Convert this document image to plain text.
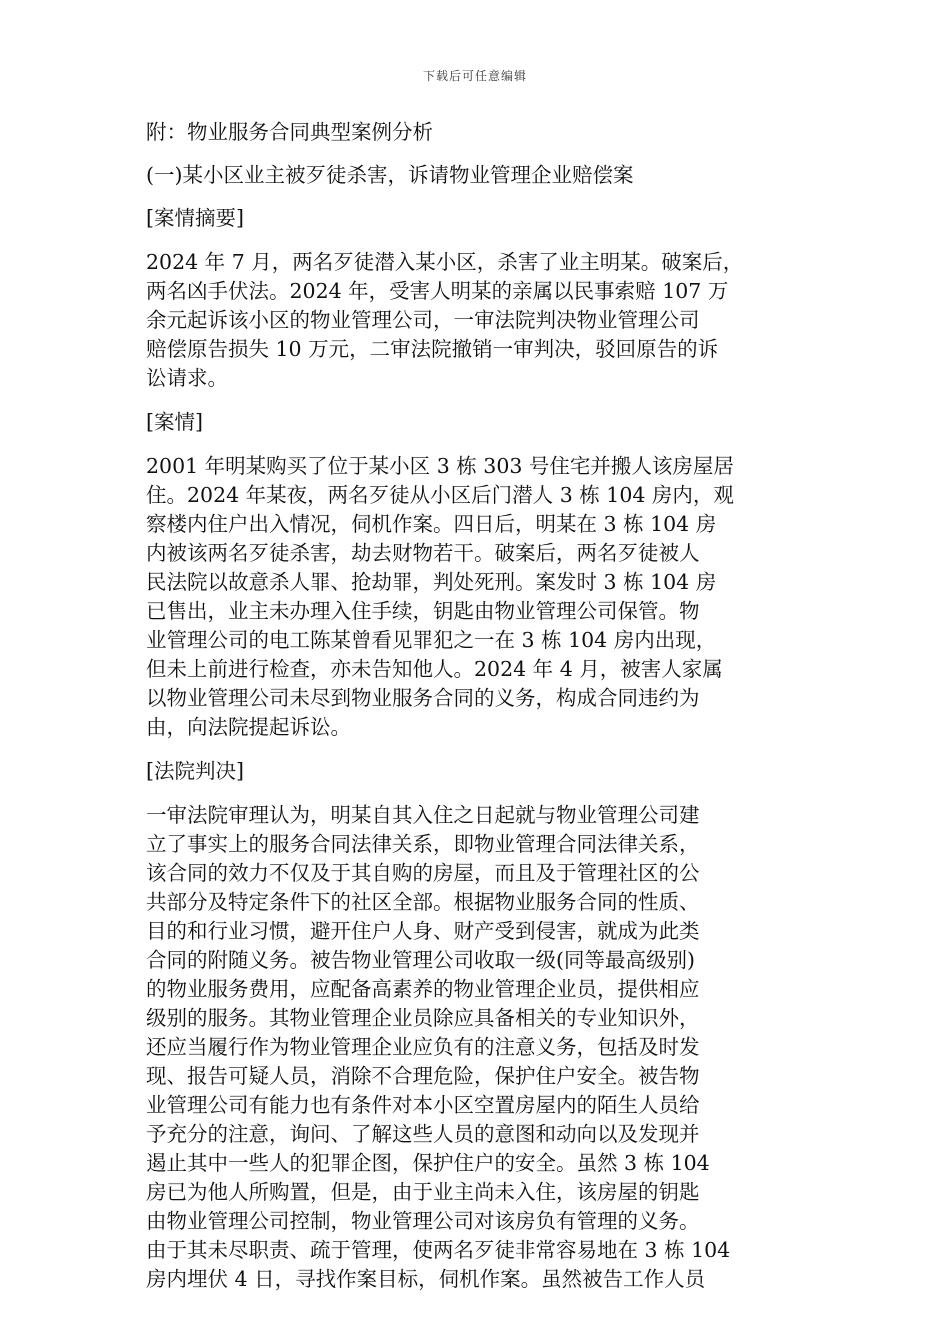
下载后可任意编辑

附：物业服务合同典型案例分析

(一)某小区业主被歹徒杀害，诉请物业管理企业赔偿案

[案情摘要]

2024 年 7 月，两名歹徒潜入某小区，杀害了业主明某。破案后，
两名凶手伏法。2024 年，受害人明某的亲属以民事索赔 107 万
余元起诉该小区的物业管理公司，一审法院判决物业管理公司
赔偿原告损失 10 万元，二审法院撤销一审判决，驳回原告的诉
讼请求。

[案情]

2001 年明某购买了位于某小区 3 栋 303 号住宅并搬人该房屋居
住。2024 年某夜，两名歹徒从小区后门潜人 3 栋 104 房内，观
察楼内住户出入情况，伺机作案。四日后，明某在 3 栋 104 房
内被该两名歹徒杀害，劫去财物若干。破案后，两名歹徒被人
民法院以故意杀人罪、抢劫罪，判处死刑。案发时 3 栋 104 房
已售出，业主未办理入住手续，钥匙由物业管理公司保管。物
业管理公司的电工陈某曾看见罪犯之一在 3 栋 104 房内出现，
但未上前进行检查，亦未告知他人。2024 年 4 月，被害人家属
以物业管理公司未尽到物业服务合同的义务，构成合同违约为
由，向法院提起诉讼。

[法院判决]

一审法院审理认为，明某自其入住之日起就与物业管理公司建
立了事实上的服务合同法律关系，即物业管理合同法律关系，
该合同的效力不仅及于其自购的房屋，而且及于管理社区的公
共部分及特定条件下的社区全部。根据物业服务合同的性质、
目的和行业习惯，避开住户人身、财产受到侵害，就成为此类
合同的附随义务。被告物业管理公司收取一级(同等最高级别)
的物业服务费用，应配备高素养的物业管理企业员，提供相应
级别的服务。其物业管理企业员除应具备相关的专业知识外，
还应当履行作为物业管理企业应负有的注意义务，包括及时发
现、报告可疑人员，消除不合理危险，保护住户安全。被告物
业管理公司有能力也有条件对本小区空置房屋内的陌生人员给
予充分的注意，询问、了解这些人员的意图和动向以及发现并
遏止其中一些人的犯罪企图，保护住户的安全。虽然 3 栋 104
房已为他人所购置，但是，由于业主尚未入住，该房屋的钥匙
由物业管理公司控制，物业管理公司对该房负有管理的义务。
由于其未尽职责、疏于管理，使两名歹徒非常容易地在 3 栋 104
房内埋伏 4 日，寻找作案目标，伺机作案。虽然被告工作人员
